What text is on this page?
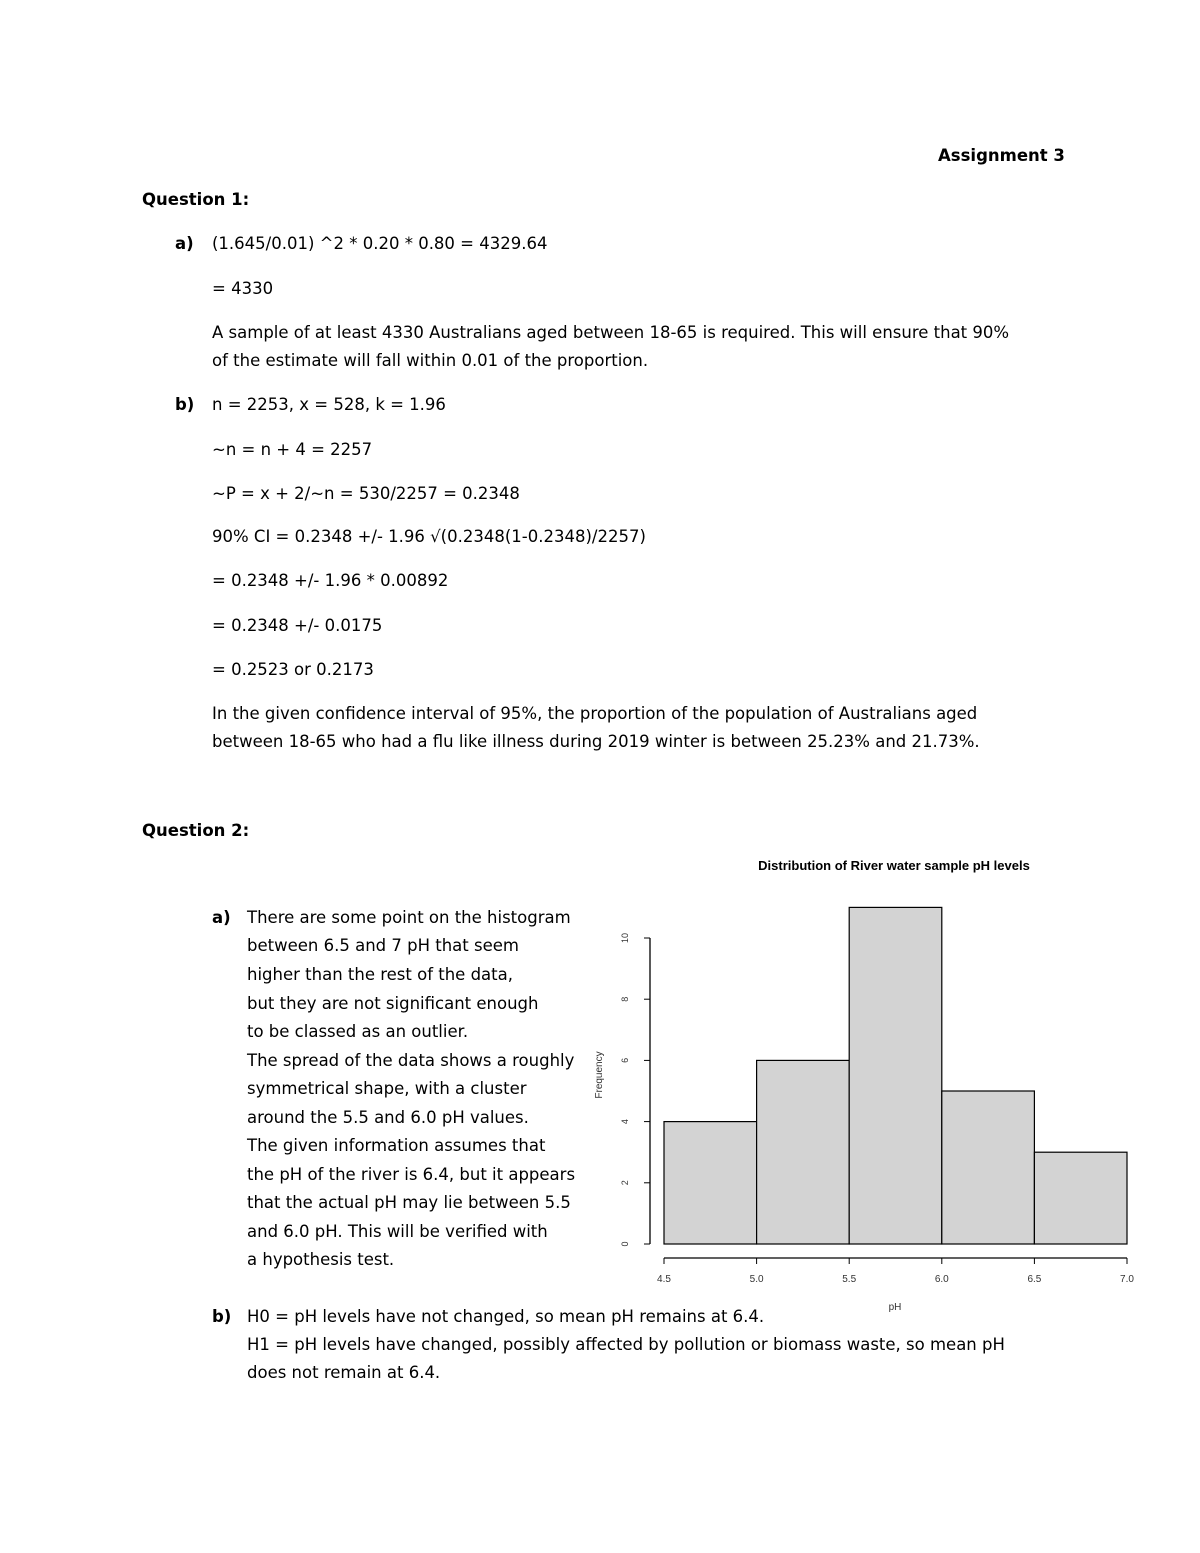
Assignment 3
Question 1:
a) (1.645/0.01) ^2 * 0.20 * 0.80 = 4329.64
= 4330
A sample of at least 4330 Australians aged between 18-65 is required. This will ensure that 90%
of the estimate will fall within 0.01 of the proportion.
b) n = 2253, x = 528, k = 1.96
~n = n + 4 = 2257
~P = x + 2/~n = 530/2257 = 0.2348
90% CI = 0.2348 +/- 1.96 √(0.2348(1-0.2348)/2257)
= 0.2348 +/- 1.96 * 0.00892
= 0.2348 +/- 0.0175
= 0.2523 or 0.2173
In the given confidence interval of 95%, the proportion of the population of Australians aged
between 18-65 who had a flu like illness during 2019 winter is between 25.23% and 21.73%.
Question 2:
a) There are some point on the histogram
between 6.5 and 7 pH that seem
higher than the rest of the data,
but they are not significant enough
to be classed as an outlier.
The spread of the data shows a roughly
symmetrical shape, with a cluster
around the 5.5 and 6.0 pH values.
The given information assumes that
the pH of the river is 6.4, but it appears
that the actual pH may lie between 5.5
and 6.0 pH. This will be verified with
a hypothesis test.
Distribution of River water sample pH levels
4.5	5.0	5.5	6.0	6.5	7.0
0
2
4
6
8
10
pH
Frequency
b) H0 = pH levels have not changed, so mean pH remains at 6.4.
H1 = pH levels have changed, possibly affected by pollution or biomass waste, so mean pH
does not remain at 6.4.
